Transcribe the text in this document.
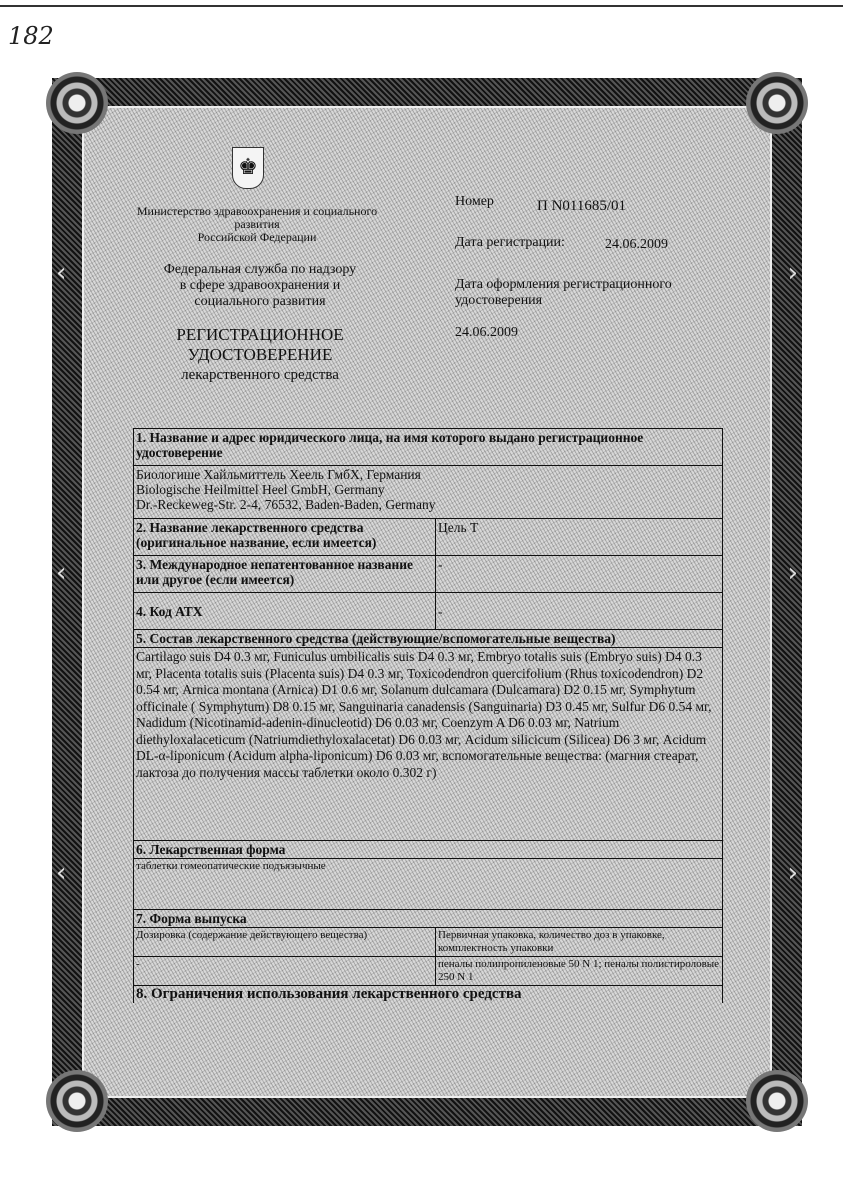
182
‹
‹
‹
›
›
›
♚
Министерство здравоохранения и социального
развития
Российской Федерации
Федеральная служба по надзору
в сфере здравоохранения и
социального развития
РЕГИСТРАЦИОННОЕ
УДОСТОВЕРЕНИЕ
лекарственного средства
Номер	П N011685/01
Дата регистрации:	24.06.2009
Дата оформления регистрационного
удостоверения
24.06.2009
1. Название и адрес юридического лица, на имя которого выдано регистрационное удостоверение	

Биологише Хайльмиттель Хеель ГмбХ, Германия
Biologische Heilmittel Heel GmbH, Germany
Dr.-Reckeweg-Str. 2-4, 76532, Baden-Baden, Germany	

2. Название лекарственного средства (оригинальное название, если имеется)	Цель Т
3. Международное непатентованное название или другое (если имеется)	-
4. Код АТХ	-
5. Состав лекарственного средства (действующие/вспомогательные вещества)	
Cartilago suis D4 0.3 мг, Funiculus umbilicalis suis D4 0.3 мг, Embryo totalis suis (Embryo suis) D4 0.3 мг, Placenta totalis suis (Placenta suis) D4 0.3 мг, Toxicodendron quercifolium (Rhus toxicodendron) D2 0.54 мг, Arnica montana (Arnica) D1 0.6 мг, Solanum dulcamara (Dulcamara) D2 0.15 мг, Symphytum officinale ( Symphytum) D8 0.15 мг, Sanguinaria canadensis (Sanguinaria) D3 0.45 мг, Sulfur D6 0.54 мг, Nadidum (Nicotinamid-adenin-dinucleotid) D6 0.03 мг, Coenzym A D6 0.03 мг, Natrium diethyloxalaceticum (Natriumdiethyloxalacetat) D6 0.03 мг, Acidum silicicum (Silicea) D6 3 мг, Acidum DL-α-liponicum (Acidum alpha-liponicum) D6 0.03 мг, вспомогательные вещества: (магния стеарат, лактоза до получения массы таблетки около 0.302 г)	
6. Лекарственная форма	
таблетки гомеопатические подъязычные	
7. Форма выпуска	
Дозировка (содержание действующего вещества)	Первичная упаковка, количество доз в упаковке, комплектность упаковки
-	пеналы полипропиленовые 50 N 1; пеналы полистироловые 250 N 1
8. Ограничения использования лекарственного средства	
